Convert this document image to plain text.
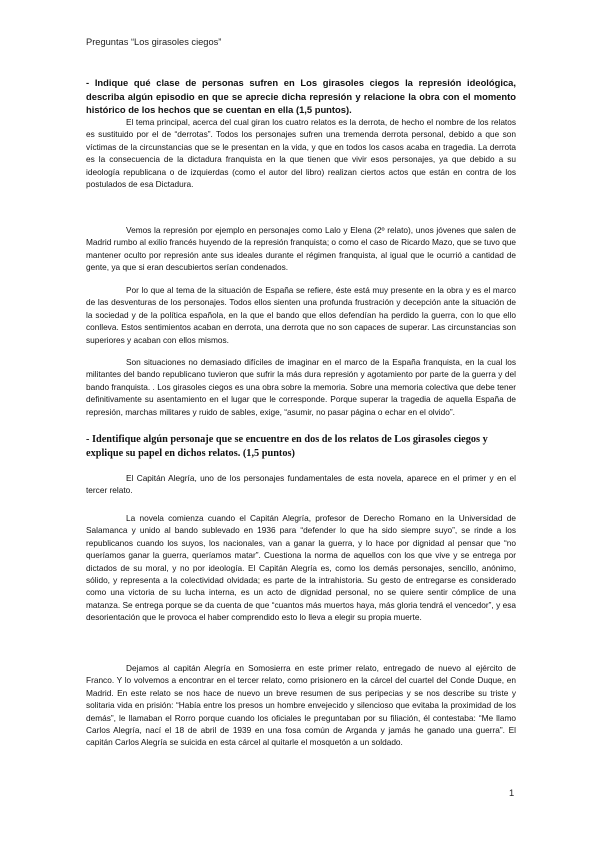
Preguntas “Los girasoles ciegos”
- Indique qué clase de personas sufren en Los girasoles ciegos la represión ideológica, describa algún episodio en que se aprecie dicha represión y relacione la obra con el momento histórico de los hechos que se cuentan en ella (1,5 puntos).
El tema principal, acerca del cual giran los cuatro relatos es la derrota, de hecho el nombre de los relatos es sustituido por el de “derrotas”. Todos los personajes sufren una tremenda derrota personal, debido a que son víctimas de la circunstancias que se le presentan en la vida, y que en todos los casos acaba en tragedia. La derrota es la consecuencia de la dictadura franquista en la que tienen que vivir esos personajes, ya que debido a su ideología republicana o de izquierdas (como el autor del libro) realizan ciertos actos que están en contra de los postulados de esa Dictadura.
Vemos la represión por ejemplo en personajes como Lalo y Elena (2º relato), unos jóvenes que salen de Madrid rumbo al exilio francés huyendo de la represión franquista; o como el caso de Ricardo Mazo, que se tuvo que mantener oculto por represión ante sus ideales durante el régimen franquista, al igual que le ocurrió a cantidad de gente, ya que si eran descubiertos serían condenados.
Por lo que al tema de la situación de España se refiere, éste está muy presente en la obra y es el marco de las desventuras de los personajes. Todos ellos sienten una profunda frustración y decepción ante la situación de la sociedad y de la política española, en la que el bando que ellos defendían ha perdido la guerra, con lo que ello conlleva. Estos sentimientos acaban en derrota, una derrota que no son capaces de superar. Las circunstancias son superiores y acaban con ellos mismos.
Son situaciones no demasiado difíciles de imaginar en el marco de la España franquista, en la cual los militantes del bando republicano tuvieron que sufrir la más dura represión y agotamiento por parte de la guerra y del bando franquista. . Los girasoles ciegos es una obra sobre la memoria. Sobre una memoria colectiva que debe tener definitivamente su asentamiento en el lugar que le corresponde. Porque superar la tragedia de aquella España de represión, marchas militares y ruido de sables, exige, “asumir, no pasar página o echar en el olvido”.
- Identifique algún personaje que se encuentre en dos de los relatos de Los girasoles ciegos y explique su papel en dichos relatos. (1,5 puntos)
El Capitán Alegría, uno de los personajes fundamentales de esta novela, aparece en el primer y en el tercer relato.
La novela comienza cuando el Capitán Alegría, profesor de Derecho Romano en la Universidad de Salamanca y unido al bando sublevado en 1936 para “defender lo que ha sido siempre suyo”, se rinde a los republicanos cuando los suyos, los nacionales, van a ganar la guerra, y lo hace por dignidad al pensar que “no queríamos ganar la guerra, queríamos matar”. Cuestiona la norma de aquellos con los que vive y se entrega por dictados de su moral, y no por ideología. El Capitán Alegría es, como los demás personajes, sencillo, anónimo, sólido, y representa a la colectividad olvidada; es parte de la intrahistoria. Su gesto de entregarse es considerado como una victoria de su lucha interna, es un acto de dignidad personal, no se quiere sentir cómplice de una matanza. Se entrega porque se da cuenta de que “cuantos más muertos haya, más gloria tendrá el vencedor”, y esa desorientación que le provoca el haber comprendido esto lo lleva a elegir su propia muerte.
Dejamos al capitán Alegría en Somosierra en este primer relato, entregado de nuevo al ejército de Franco. Y lo volvemos a encontrar en el tercer relato, como prisionero en la cárcel del cuartel del Conde Duque, en Madrid. En este relato se nos hace de nuevo un breve resumen de sus peripecias y se nos describe su triste y solitaria vida en prisión: “Había entre los presos un hombre envejecido y silencioso que evitaba la proximidad de los demás”, le llamaban el Rorro porque cuando los oficiales le preguntaban por su filiación, él contestaba: “Me llamo Carlos Alegría, nací el 18 de abril de 1939 en una fosa común de Arganda y jamás he ganado una guerra”. El capitán Carlos Alegría se suicida en esta cárcel al quitarle el mosquetón a un soldado.
1
